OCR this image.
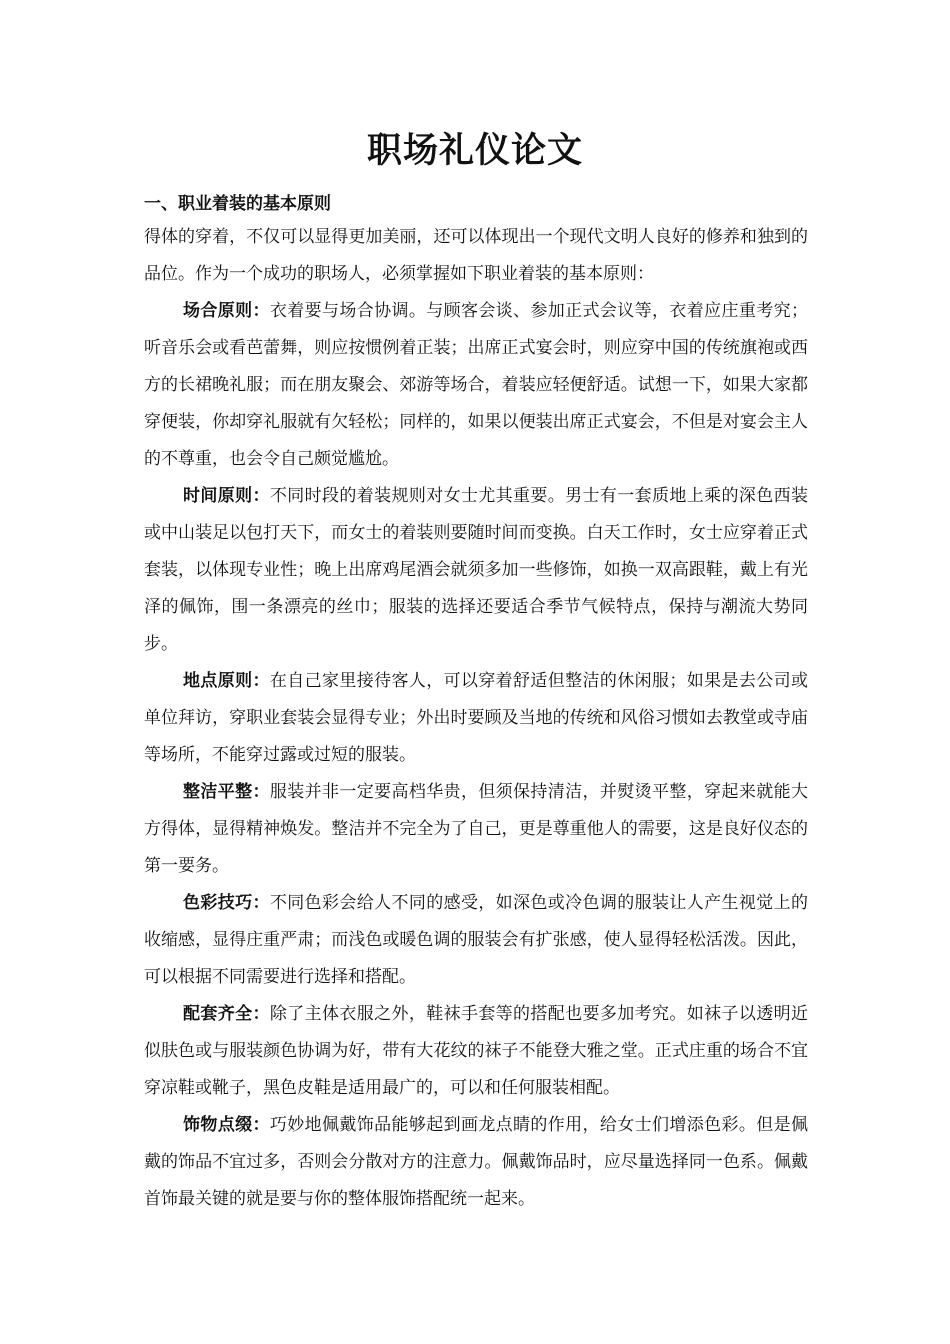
职场礼仪论文
一、职业着装的基本原则

得体的穿着，不仅可以显得更加美丽，还可以体现出一个现代文明人良好的修养和独到的品位。作为一个成功的职场人，必须掌握如下职业着装的基本原则：

场合原则：衣着要与场合协调。与顾客会谈、参加正式会议等，衣着应庄重考究；听音乐会或看芭蕾舞，则应按惯例着正装；出席正式宴会时，则应穿中国的传统旗袍或西方的长裙晚礼服；而在朋友聚会、郊游等场合，着装应轻便舒适。试想一下，如果大家都穿便装，你却穿礼服就有欠轻松；同样的，如果以便装出席正式宴会，不但是对宴会主人的不尊重，也会令自己颇觉尴尬。

时间原则：不同时段的着装规则对女士尤其重要。男士有一套质地上乘的深色西装或中山装足以包打天下，而女士的着装则要随时间而变换。白天工作时，女士应穿着正式套装，以体现专业性；晚上出席鸡尾酒会就须多加一些修饰，如换一双高跟鞋，戴上有光泽的佩饰，围一条漂亮的丝巾；服装的选择还要适合季节气候特点，保持与潮流大势同步。

地点原则：在自己家里接待客人，可以穿着舒适但整洁的休闲服；如果是去公司或单位拜访，穿职业套装会显得专业；外出时要顾及当地的传统和风俗习惯如去教堂或寺庙等场所，不能穿过露或过短的服装。

整洁平整：服装并非一定要高档华贵，但须保持清洁，并熨烫平整，穿起来就能大方得体，显得精神焕发。整洁并不完全为了自己，更是尊重他人的需要，这是良好仪态的第一要务。

色彩技巧：不同色彩会给人不同的感受，如深色或冷色调的服装让人产生视觉上的收缩感，显得庄重严肃；而浅色或暖色调的服装会有扩张感，使人显得轻松活泼。因此，可以根据不同需要进行选择和搭配。

配套齐全：除了主体衣服之外，鞋袜手套等的搭配也要多加考究。如袜子以透明近似肤色或与服装颜色协调为好，带有大花纹的袜子不能登大雅之堂。正式庄重的场合不宜穿凉鞋或靴子，黑色皮鞋是适用最广的，可以和任何服装相配。

饰物点缀：巧妙地佩戴饰品能够起到画龙点睛的作用，给女士们增添色彩。但是佩戴的饰品不宜过多，否则会分散对方的注意力。佩戴饰品时，应尽量选择同一色系。佩戴首饰最关键的就是要与你的整体服饰搭配统一起来。
